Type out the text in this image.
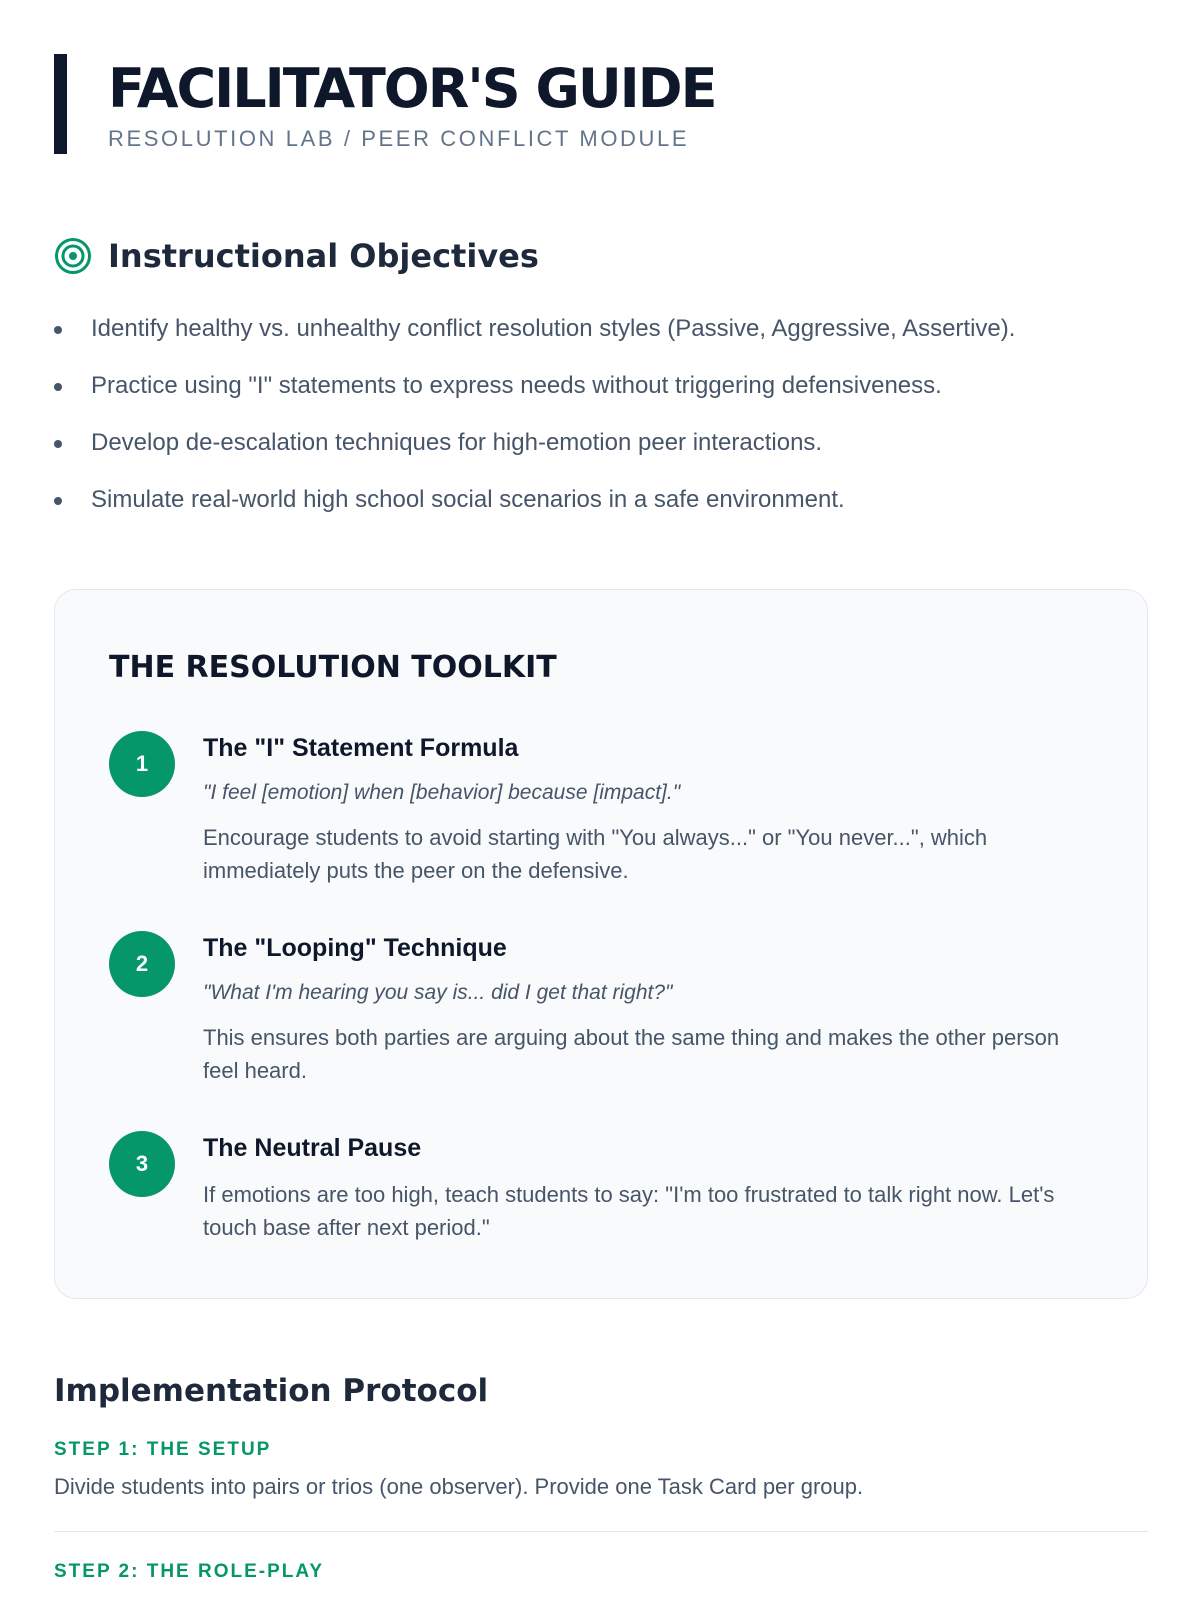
FACILITATOR'S GUIDE
RESOLUTION LAB / PEER CONFLICT MODULE
Instructional Objectives
Identify healthy vs. unhealthy conflict resolution styles (Passive, Aggressive, Assertive).
Practice using "I" statements to express needs without triggering defensiveness.
Develop de-escalation techniques for high-emotion peer interactions.
Simulate real-world high school social scenarios in a safe environment.
THE RESOLUTION TOOLKIT
1

The "I" Statement Formula

"I feel [emotion] when [behavior] because [impact]."

Encourage students to avoid starting with "You always..." or "You never...", which immediately puts the peer on the defensive.

2

The "Looping" Technique

"What I'm hearing you say is... did I get that right?"

This ensures both parties are arguing about the same thing and makes the other person feel heard.

3

The Neutral Pause

If emotions are too high, teach students to say: "I'm too frustrated to talk right now. Let's touch base after next period."

Implementation Protocol
STEP 1: THE SETUP
Divide students into pairs or trios (one observer). Provide one Task Card per group.
STEP 2: THE ROLE-PLAY
